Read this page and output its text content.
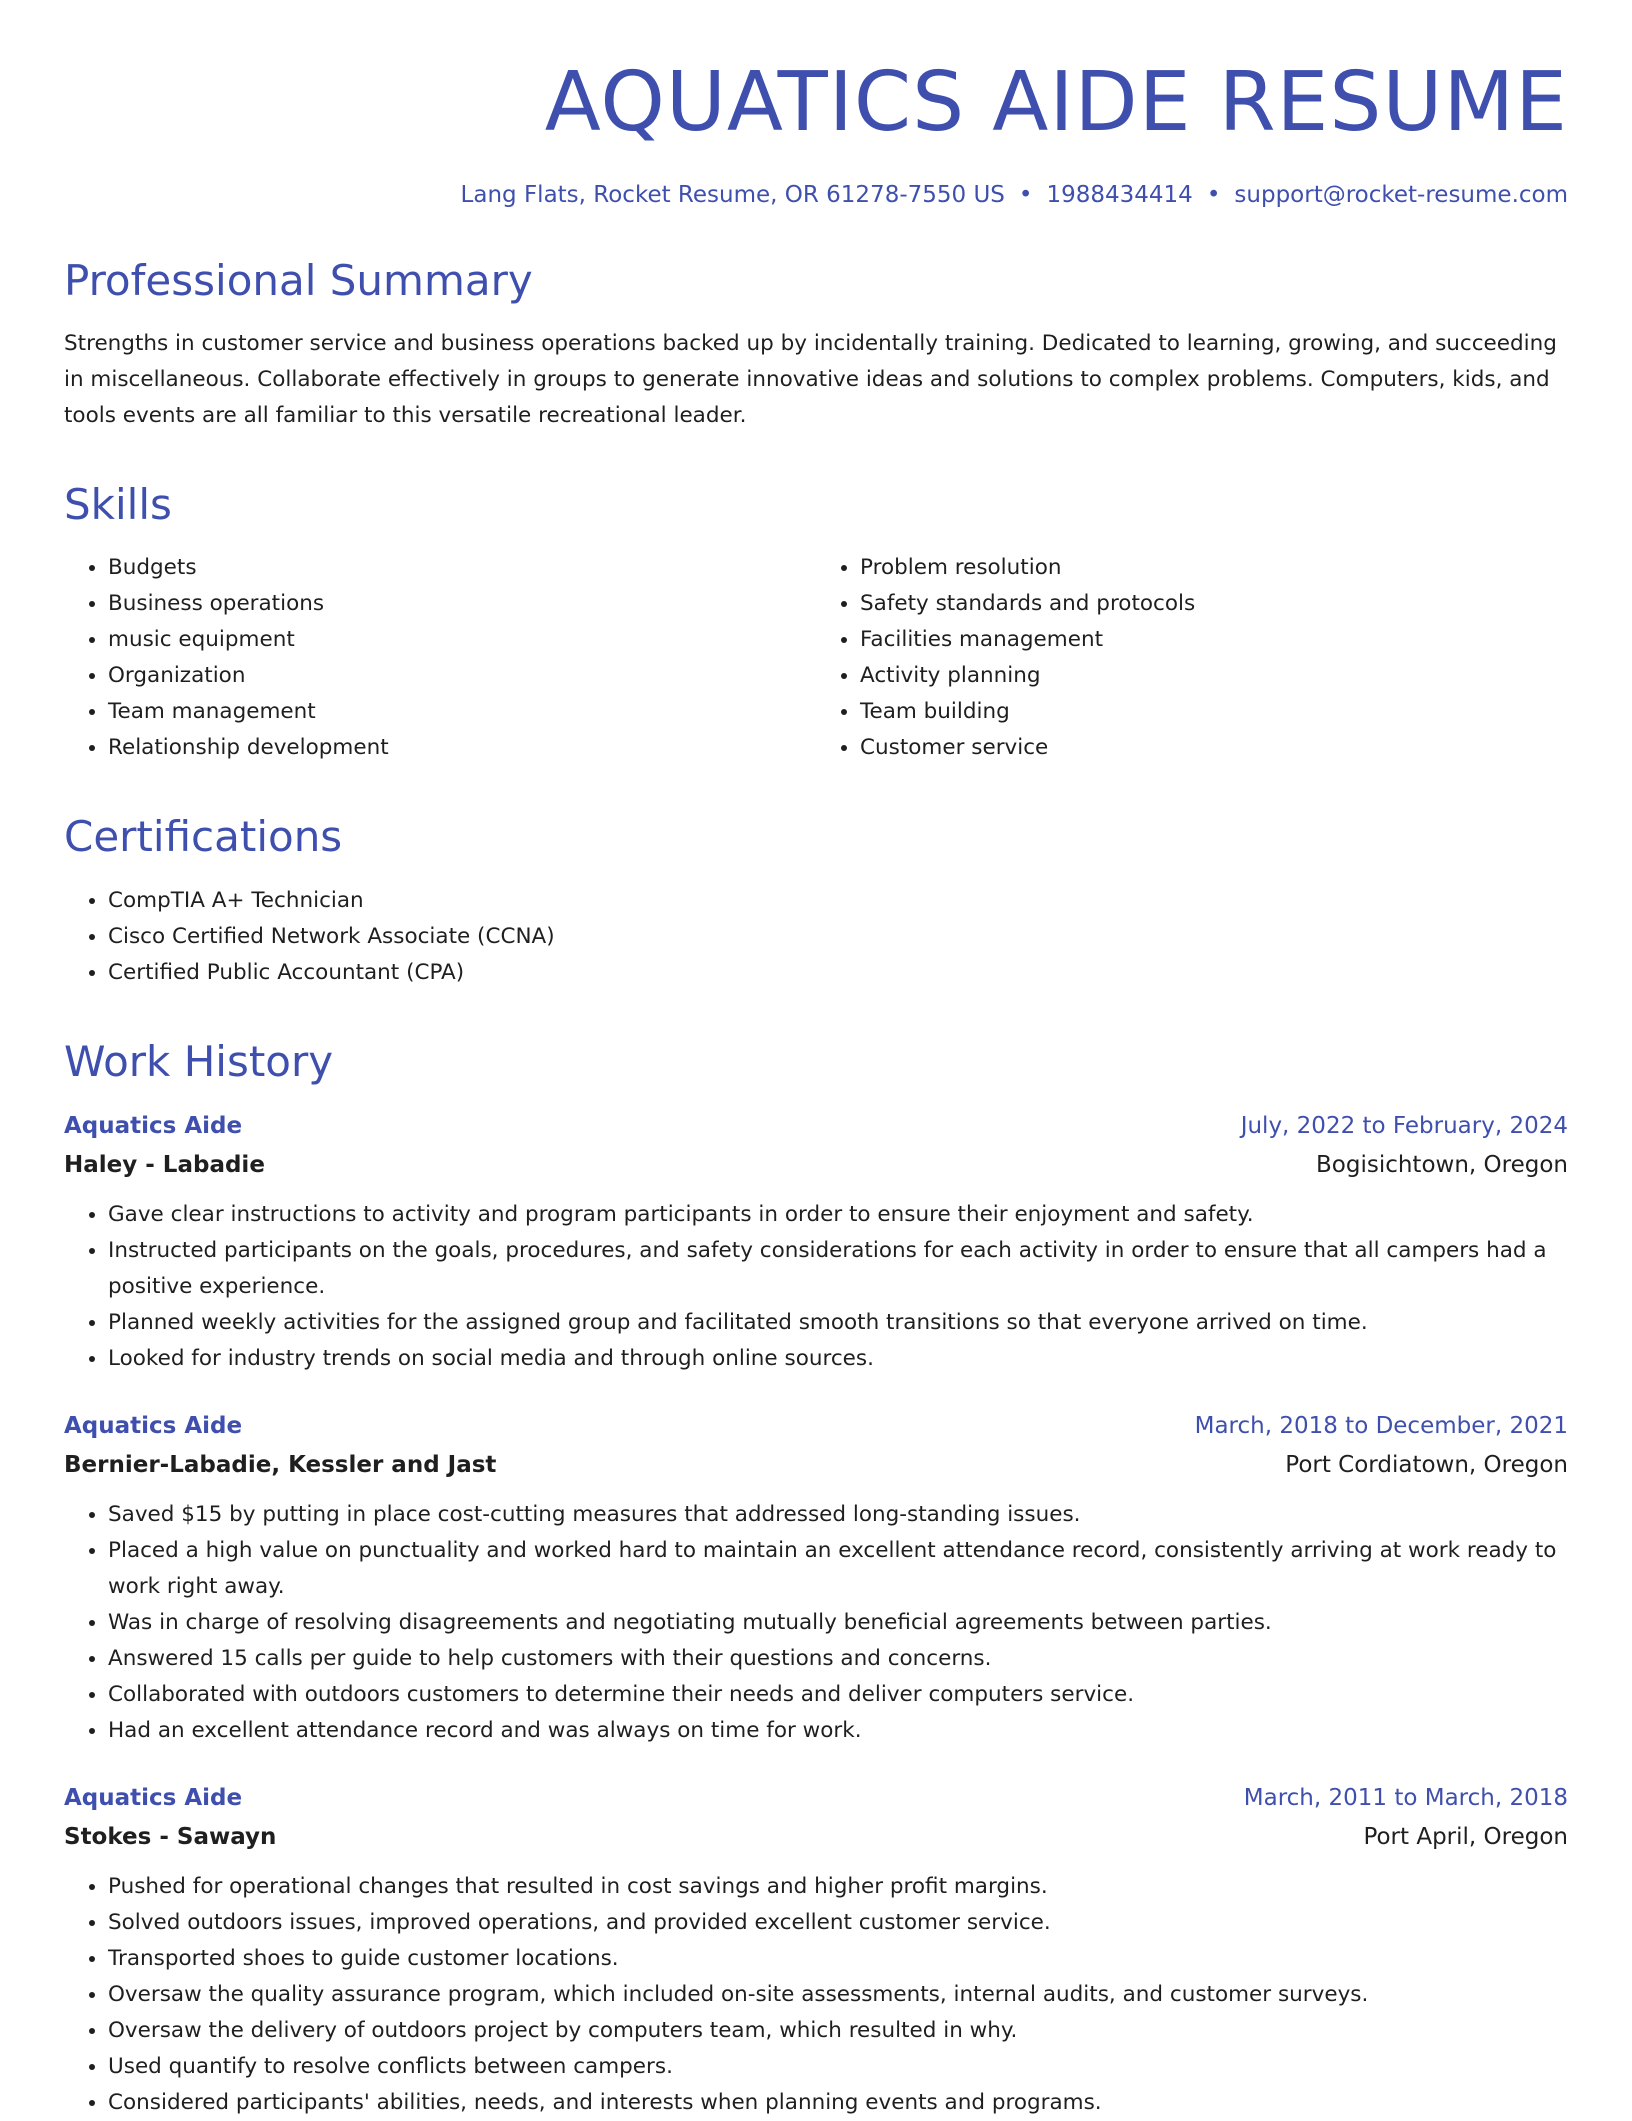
AQUATICS AIDE RESUME
Lang Flats, Rocket Resume, OR 61278-7550 US • 1988434414 • support@rocket-resume.com
Professional Summary

Strengths in customer service and business operations backed up by incidentally training. Dedicated to learning, growing, and succeeding in miscellaneous. Collaborate effectively in groups to generate innovative ideas and solutions to complex problems. Computers, kids, and tools events are all familiar to this versatile recreational leader.

Skills
• Budgets
• Business operations
• music equipment
• Organization
• Team management
• Relationship development
• Problem resolution
• Safety standards and protocols
• Facilities management
• Activity planning
• Team building
• Customer service
Certifications
• CompTIA A+ Technician
• Cisco Certified Network Associate (CCNA)
• Certified Public Accountant (CPA)
Work History
Aquatics Aide	July, 2022 to February, 2024
Haley - Labadie	Bogisichtown, Oregon
• Gave clear instructions to activity and program participants in order to ensure their enjoyment and safety.
• Instructed participants on the goals, procedures, and safety considerations for each activity in order to ensure that all campers had a positive experience.
• Planned weekly activities for the assigned group and facilitated smooth transitions so that everyone arrived on time.
• Looked for industry trends on social media and through online sources.
Aquatics Aide	March, 2018 to December, 2021
Bernier-Labadie, Kessler and Jast	Port Cordiatown, Oregon
• Saved $15 by putting in place cost-cutting measures that addressed long-standing issues.
• Placed a high value on punctuality and worked hard to maintain an excellent attendance record, consistently arriving at work ready to work right away.
• Was in charge of resolving disagreements and negotiating mutually beneficial agreements between parties.
• Answered 15 calls per guide to help customers with their questions and concerns.
• Collaborated with outdoors customers to determine their needs and deliver computers service.
• Had an excellent attendance record and was always on time for work.
Aquatics Aide	March, 2011 to March, 2018
Stokes - Sawayn	Port April, Oregon
• Pushed for operational changes that resulted in cost savings and higher profit margins.
• Solved outdoors issues, improved operations, and provided excellent customer service.
• Transported shoes to guide customer locations.
• Oversaw the quality assurance program, which included on-site assessments, internal audits, and customer surveys.
• Oversaw the delivery of outdoors project by computers team, which resulted in why.
• Used quantify to resolve conflicts between campers.
• Considered participants' abilities, needs, and interests when planning events and programs.
